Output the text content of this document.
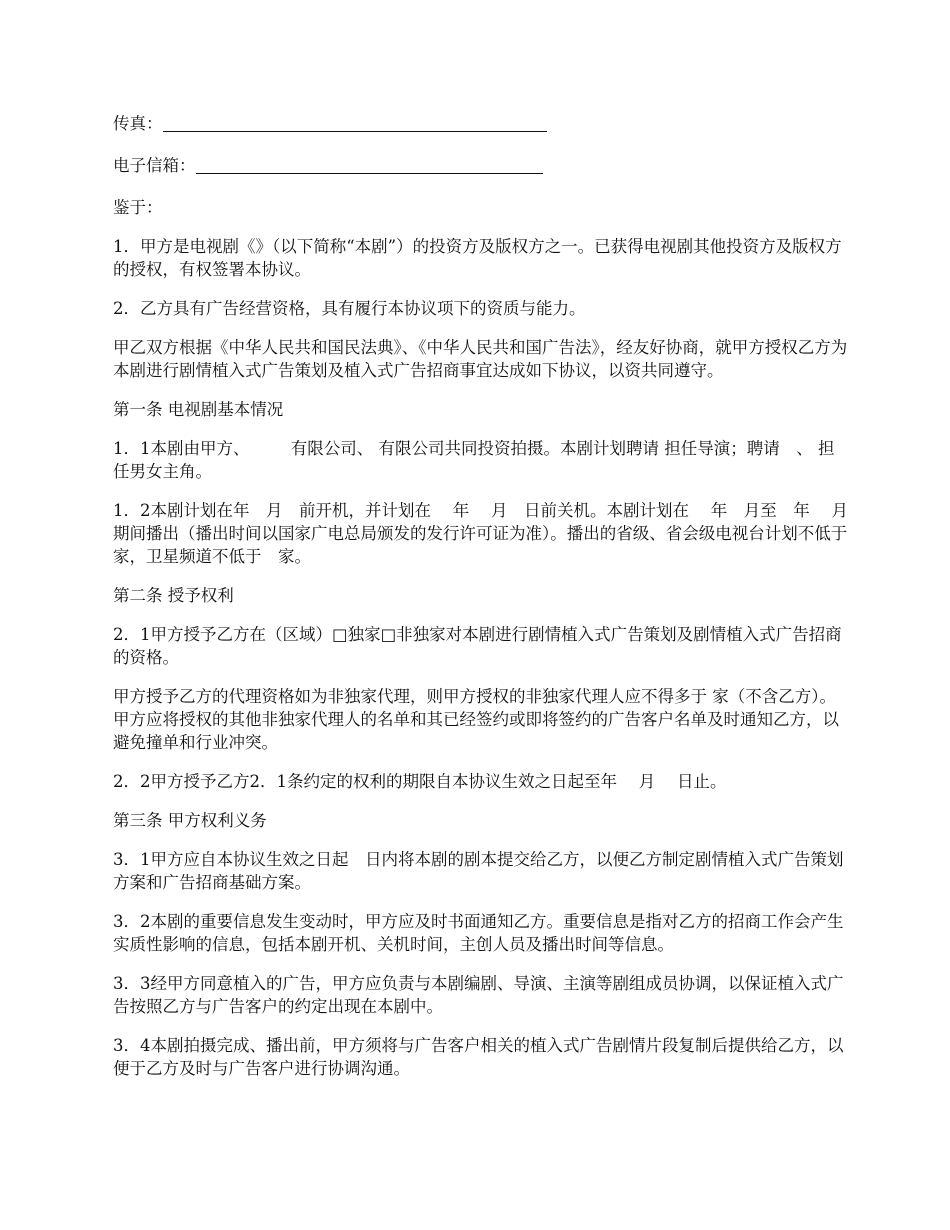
传真：
电子信箱：

鉴于：

1．甲方是电视剧《》（以下简称“本剧”）的投资方及版权方之一。已获得电视剧其他投资方及版权方的授权，有权签署本协议。

2．乙方具有广告经营资格，具有履行本协议项下的资质与能力。

甲乙双方根据《中华人民共和国民法典》、《中华人民共和国广告法》，经友好协商，就甲方授权乙方为本剧进行剧情植入式广告策划及植入式广告招商事宜达成如下协议，以资共同遵守。

第一条 电视剧基本情况

1．1本剧由甲方、　　　有限公司、 有限公司共同投资拍摄。本剧计划聘请 担任导演；聘请　、 担任男女主角。

1．2本剧计划在年　月　前开机，并计划在　 年　 月　日前关机。本剧计划在　 年　月至　年　 月期间播出（播出时间以国家广电总局颁发的发行许可证为准）。播出的省级、省会级电视台计划不低于　家，卫星频道不低于　家。

第二条 授予权利

2．1甲方授予乙方在（区域）□独家□非独家对本剧进行剧情植入式广告策划及剧情植入式广告招商的资格。

甲方授予乙方的代理资格如为非独家代理，则甲方授权的非独家代理人应不得多于 家（不含乙方）。甲方应将授权的其他非独家代理人的名单和其已经签约或即将签约的广告客户名单及时通知乙方，以避免撞单和行业冲突。

2．2甲方授予乙方2．1条约定的权利的期限自本协议生效之日起至年　 月　 日止。

第三条 甲方权利义务

3．1甲方应自本协议生效之日起　日内将本剧的剧本提交给乙方，以便乙方制定剧情植入式广告策划方案和广告招商基础方案。

3．2本剧的重要信息发生变动时，甲方应及时书面通知乙方。重要信息是指对乙方的招商工作会产生实质性影响的信息，包括本剧开机、关机时间，主创人员及播出时间等信息。

3．3经甲方同意植入的广告，甲方应负责与本剧编剧、导演、主演等剧组成员协调，以保证植入式广告按照乙方与广告客户的约定出现在本剧中。

3．4本剧拍摄完成、播出前，甲方须将与广告客户相关的植入式广告剧情片段复制后提供给乙方，以便于乙方及时与广告客户进行协调沟通。
